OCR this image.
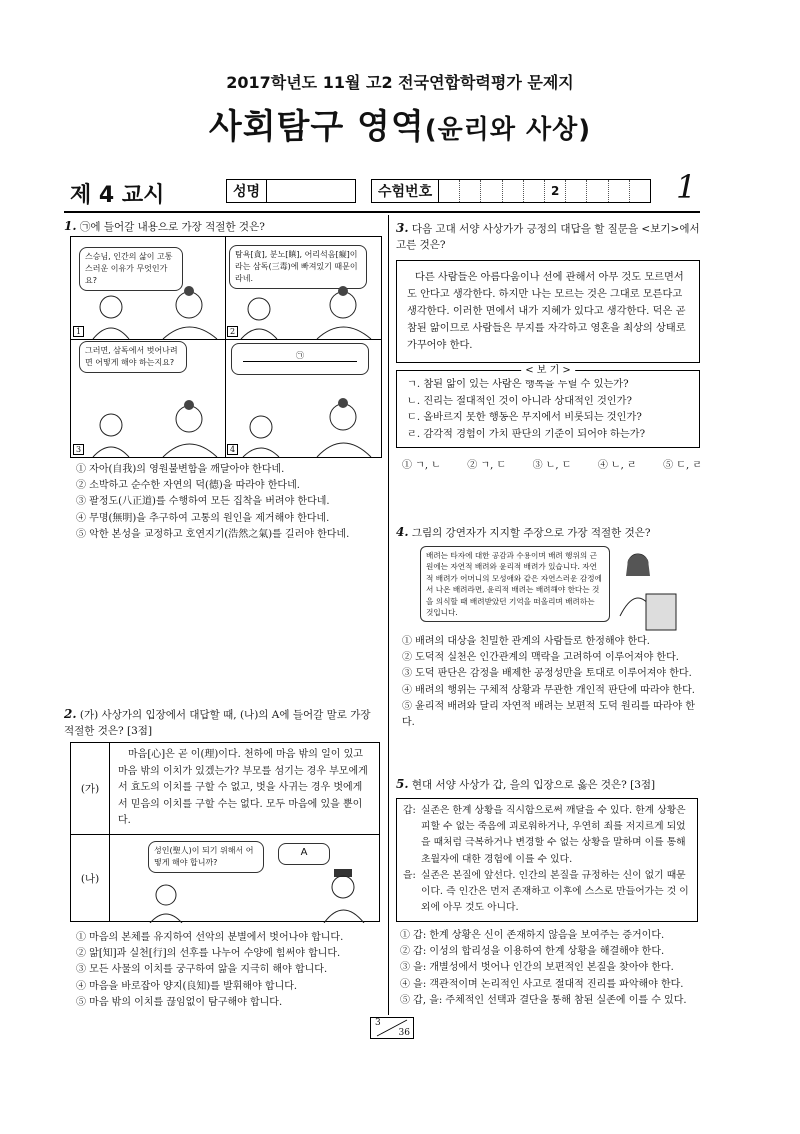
2017학년도 11월 고2 전국연합학력평가 문제지
사회탐구 영역(윤리와 사상)
제 4 교시	성명	수험번호	2	1
1. ㉠에 들어갈 내용으로 가장 적절한 것은?
1	2
3	4
스승님, 인간의 삶이 고통스러운 이유가 무엇인가요?
탐욕[貪], 분노[瞋], 어리석음[癡]이라는 삼독(三毒)에 빠져있기 때문이라네.
그러면, 삼독에서 벗어나려면 어떻게 해야 하는지요?
㉠
① 자아(自我)의 영원불변함을 깨달아야 한다네.
② 소박하고 순수한 자연의 덕(德)을 따라야 한다네.
③ 팔정도(八正道)를 수행하여 모든 집착을 버려야 한다네.
④ 무명(無明)을 추구하여 고통의 원인을 제거해야 한다네.
⑤ 악한 본성을 교정하고 호연지기(浩然之氣)를 길러야 한다네.
2. (가) 사상가의 입장에서 대답할 때, (나)의 A에 들어갈 말로 가장 적절한 것은? [3점]
(가)	마음[心]은 곧 이(理)이다. 천하에 마음 밖의 일이 있고 마음 밖의 이치가 있겠는가? 부모를 섬기는 경우 부모에게서 효도의 이치를 구할 수 없고, 벗을 사귀는 경우 벗에게서 믿음의 이치를 구할 수는 없다. 모두 마음에 있을 뿐이다.
(나)	성인(聖人)이 되기 위해서 어떻게 해야 합니까?
A
① 마음의 본체를 유지하여 선악의 분별에서 벗어나야 합니다.
② 앎[知]과 실천[行]의 선후를 나누어 수양에 힘써야 합니다.
③ 모든 사물의 이치를 궁구하여 앎을 지극히 해야 합니다.
④ 마음을 바로잡아 양지(良知)를 발휘해야 합니다.
⑤ 마음 밖의 이치를 끊임없이 탐구해야 합니다.
3. 다음 고대 서양 사상가가 긍정의 대답을 할 질문을 <보기>에서 고른 것은?
다른 사람들은 아름다움이나 선에 관해서 아무 것도 모르면서도 안다고 생각한다. 하지만 나는 모르는 것은 그대로 모른다고 생각한다. 이러한 면에서 내가 지혜가 있다고 생각한다. 덕은 곧 참된 앎이므로 사람들은 무지를 자각하고 영혼을 최상의 상태로 가꾸어야 한다.
< 보 기 >
ㄱ. 참된 앎이 있는 사람은 행복을 누릴 수 있는가?
ㄴ. 진리는 절대적인 것이 아니라 상대적인 것인가?
ㄷ. 올바르지 못한 행동은 무지에서 비롯되는 것인가?
ㄹ. 감각적 경험이 가치 판단의 기준이 되어야 하는가?
① ㄱ, ㄴ	② ㄱ, ㄷ	③ ㄴ, ㄷ	④ ㄴ, ㄹ	⑤ ㄷ, ㄹ
4. 그림의 강연자가 지지할 주장으로 가장 적절한 것은?
배려는 타자에 대한 공감과 수용이며 배려 행위의 근원에는 자연적 배려와 윤리적 배려가 있습니다. 자연적 배려가 어머니의 모성애와 같은 자연스러운 감정에서 나온 배려라면, 윤리적 배려는 배려해야 한다는 것을 의식할 때 배려받았던 기억을 떠올리며 배려하는 것입니다.
① 배려의 대상을 친밀한 관계의 사람들로 한정해야 한다.
② 도덕적 실천은 인간관계의 맥락을 고려하여 이루어져야 한다.
③ 도덕 판단은 감정을 배제한 공정성만을 토대로 이루어져야 한다.
④ 배려의 행위는 구체적 상황과 무관한 개인적 판단에 따라야 한다.
⑤ 윤리적 배려와 달리 자연적 배려는 보편적 도덕 원리를 따라야 한다.
5. 현대 서양 사상가 갑, 을의 입장으로 옳은 것은? [3점]
갑: 실존은 한계 상황을 직시함으로써 깨달을 수 있다. 한계 상황은 피할 수 없는 죽음에 괴로워하거나, 우연히 죄를 저지르게 되었을 때처럼 극복하거나 변경할 수 없는 상황을 말하며 이를 통해 초월자에 대한 경험에 이를 수 있다.
을: 실존은 본질에 앞선다. 인간의 본질을 규정하는 신이 없기 때문이다. 즉 인간은 먼저 존재하고 이후에 스스로 만들어가는 것 이외에 아무 것도 아니다.
① 갑: 한계 상황은 신이 존재하지 않음을 보여주는 증거이다.
② 갑: 이성의 합리성을 이용하여 한계 상황을 해결해야 한다.
③ 을: 개별성에서 벗어나 인간의 보편적인 본질을 찾아야 한다.
④ 을: 객관적이며 논리적인 사고로 절대적 진리를 파악해야 한다.
⑤ 갑, 을: 주체적인 선택과 결단을 통해 참된 실존에 이를 수 있다.
3
36
